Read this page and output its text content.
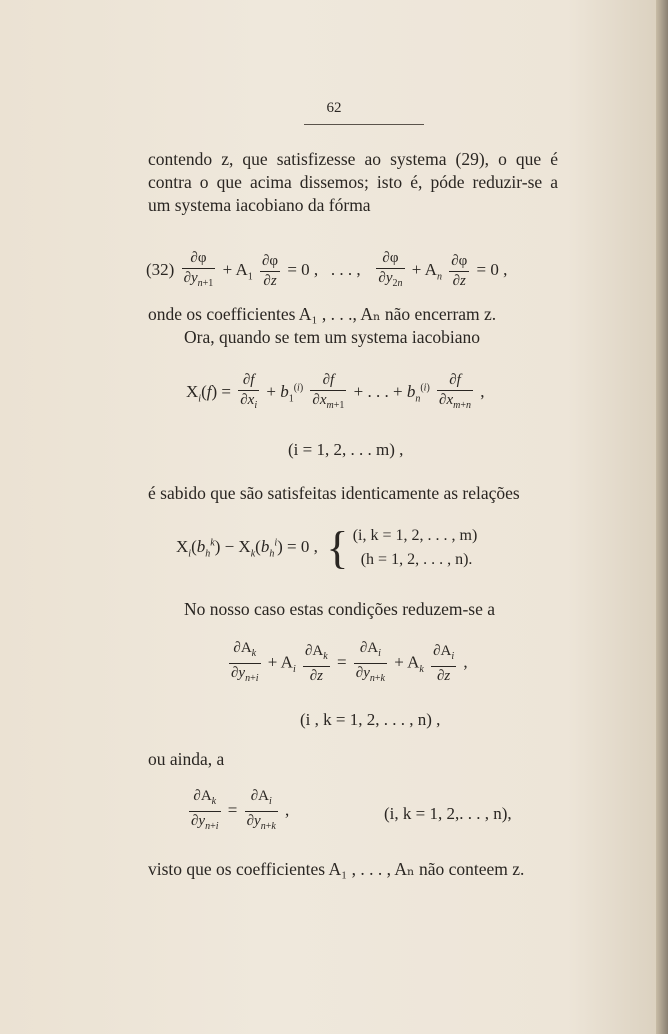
62
contendo z, que satisfizesse ao systema (29), o que é
contra o que acima dissemos; isto é, póde reduzir-se a
um systema iacobiano da fórma
$(32) \frac{\partial\varphi}{\partial y_{n+1}} + A_1 \frac{\partial\varphi}{\partial z} = 0$ ,   . . . , $\frac{\partial\varphi}{\partial y_{2n}} + A_n \frac{\partial\varphi}{\partial z} = 0$ ,
onde os coefficientes A₁ , . . ., Aₙ não encerram z.
Ora, quando se tem um systema iacobiano
$X_i(f) = \frac{\partial f}{\partial x_i} + b_1^{(i)} \frac{\partial f}{\partial x_{m+1}}$ + . . . + $b_n^{(i)} \frac{\partial f}{\partial x_{m+n}}$ ,
(i = 1, 2, . . . m) ,
é sabido que são satisfeitas identicamente as relações
$X_i(b_h^k) - X_k(b_h^i) = 0$ ,  { (i, k = 1, 2, . . . , m)
(h = 1, 2, . . . , n).
No nosso caso estas condições reduzem-se a
$\frac{\partial A_k}{\partial y_{n+i}} + A_i \frac{\partial A_k}{\partial z} = \frac{\partial A_i}{\partial y_{n+k}} + A_k \frac{\partial A_i}{\partial z}$ ,
(i , k = 1, 2, . . . , n) ,
ou ainda, a
$\frac{\partial A_k}{\partial y_{n+i}} = \frac{\partial A_i}{\partial y_{n+k}}$ ,	(i, k = 1, 2,. . . , n),
visto que os coefficientes A₁ , . . . , Aₙ não conteem z.
